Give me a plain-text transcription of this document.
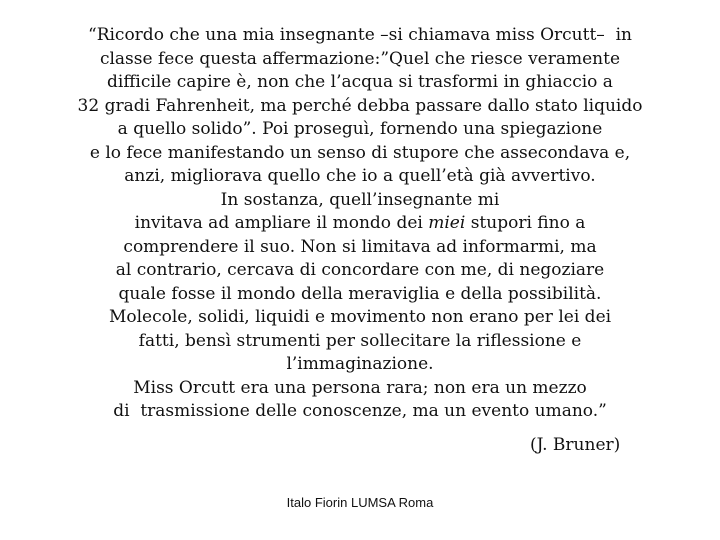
“Ricordo che una mia insegnante –si chiamava miss Orcutt–  in
classe fece questa affermazione:”Quel che riesce veramente
difficile capire è, non che l’acqua si trasformi in ghiaccio a
32 gradi Fahrenheit, ma perché debba passare dallo stato liquido
a quello solido”. Poi proseguì, fornendo una spiegazione
e lo fece manifestando un senso di stupore che assecondava e,
anzi, migliorava quello che io a quell’età già avvertivo.
In sostanza, quell’insegnante mi
invitava ad ampliare il mondo dei miei stupori fino a
comprendere il suo. Non si limitava ad informarmi, ma
al contrario, cercava di concordare con me, di negoziare
quale fosse il mondo della meraviglia e della possibilità.
Molecole, solidi, liquidi e movimento non erano per lei dei
fatti, bensì strumenti per sollecitare la riflessione e
l’immaginazione.
Miss Orcutt era una persona rara; non era un mezzo
di  trasmissione delle conoscenze, ma un evento umano.”
(J. Bruner)
Italo Fiorin LUMSA Roma
